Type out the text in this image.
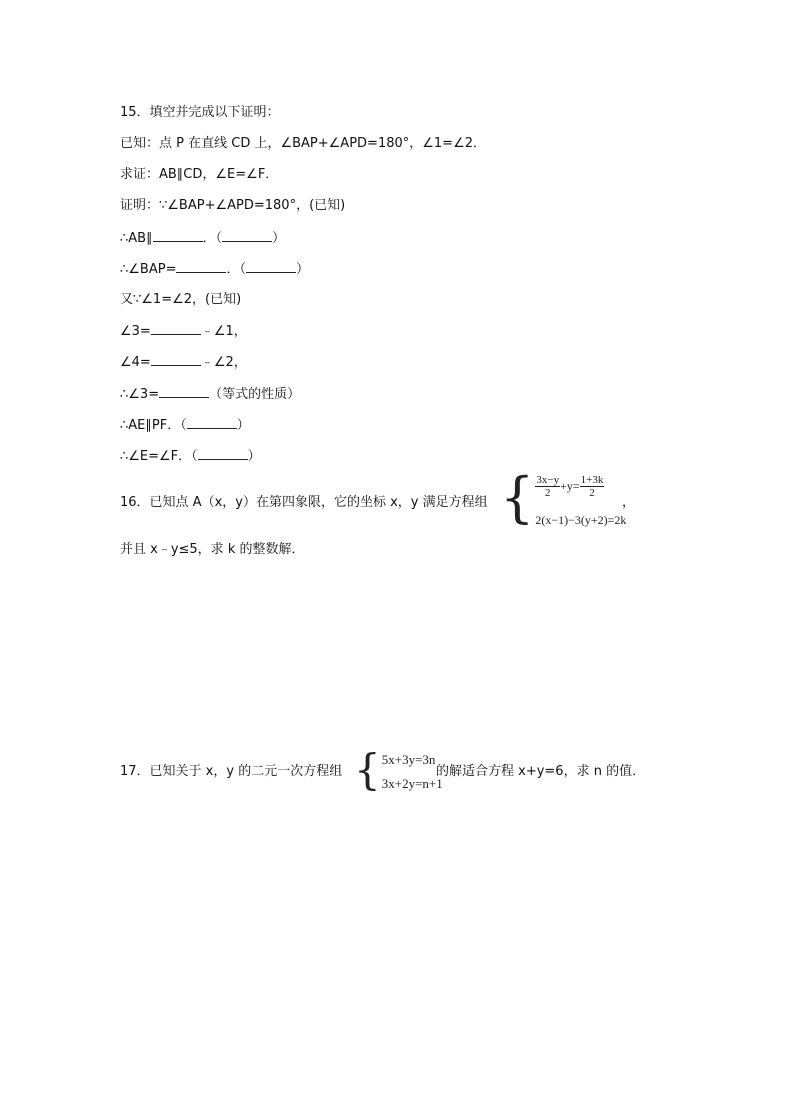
15．填空并完成以下证明：
已知：点 P 在直线 CD 上，∠BAP+∠APD=180°，∠1=∠2．
求证：AB∥CD，∠E=∠F．
证明：∵∠BAP+∠APD=180°，(已知)
∴AB∥	．（	）
∴∠BAP=	．（	）
又∵∠1=∠2，(已知)
∠3=	﹣∠1，
∠4=	﹣∠2，
∴∠3=	（等式的性质）
∴AE∥PF．（	）
∴∠E=∠F．（	）
16．已知点 A（x，y）在第四象限，它的坐标 x，y 满足方程组 { $\frac{3x-y}{2} +y= \frac{1+3k}{2}$
2(x−1)−3(y+2)=2k
，
并且 x﹣y≤5，求 k 的整数解．
17．已知关于 x，y 的二元一次方程组 { 5x+3y=3n
3x+2y=n+1
的解适合方程 x+y=6，求 n 的值．
